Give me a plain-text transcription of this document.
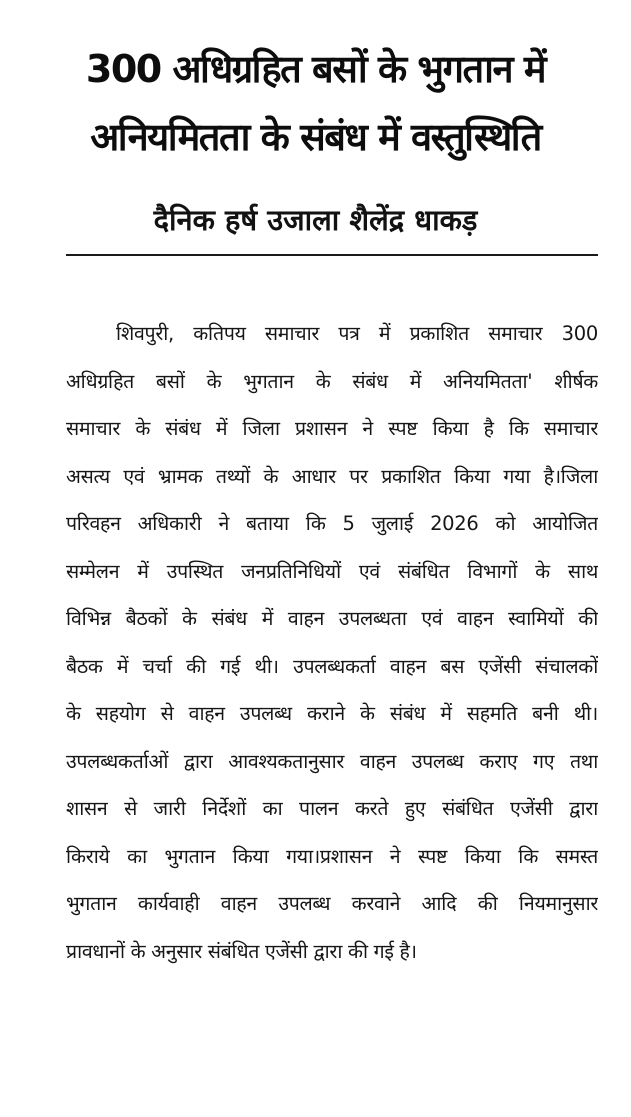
300 अधिग्रहित बसों के भुगतान में
अनियमितता के संबंध में वस्तुस्थिति
दैनिक हर्ष उजाला शैलेंद्र धाकड़
शिवपुरी, कतिपय समाचार पत्र में प्रकाशित समाचार 300
अधिग्रहित बसों के भुगतान के संबंध में अनियमितता' शीर्षक
समाचार के संबंध में जिला प्रशासन ने स्पष्ट किया है कि समाचार
असत्य एवं भ्रामक तथ्यों के आधार पर प्रकाशित किया गया है।जिला
परिवहन अधिकारी ने बताया कि 5 जुलाई 2026 को आयोजित
सम्मेलन में उपस्थित जनप्रतिनिधियों एवं संबंधित विभागों के साथ
विभिन्न बैठकों के संबंध में वाहन उपलब्धता एवं वाहन स्वामियों की
बैठक में चर्चा की गई थी। उपलब्धकर्ता वाहन बस एजेंसी संचालकों
के सहयोग से वाहन उपलब्ध कराने के संबंध में सहमति बनी थी।
उपलब्धकर्ताओं द्वारा आवश्यकतानुसार वाहन उपलब्ध कराए गए तथा
शासन से जारी निर्देशों का पालन करते हुए संबंधित एजेंसी द्वारा
किराये का भुगतान किया गया।प्रशासन ने स्पष्ट किया कि समस्त
भुगतान कार्यवाही वाहन उपलब्ध करवाने आदि की नियमानुसार
प्रावधानों के अनुसार संबंधित एजेंसी द्वारा की गई है।
